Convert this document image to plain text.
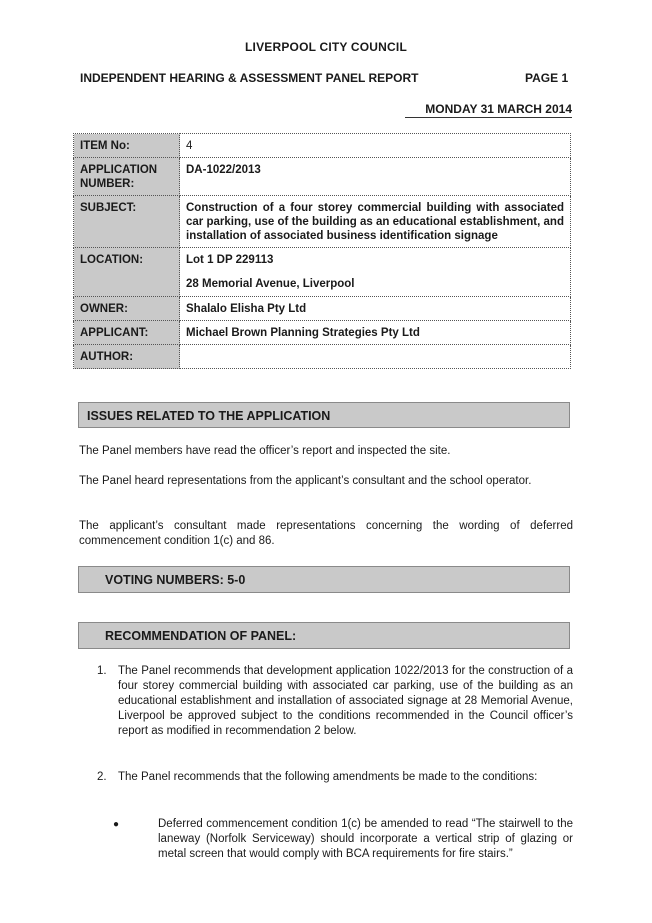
LIVERPOOL CITY COUNCIL
INDEPENDENT HEARING & ASSESSMENT PANEL REPORT	PAGE 1
MONDAY 31 MARCH 2014
ITEM No:	4
APPLICATION NUMBER:	DA-1022/2013
SUBJECT:	Construction of a four storey commercial building with associated car parking, use of the building as an educational establishment, and installation of associated business identification signage
LOCATION:	Lot 1 DP 229113
28 Memorial Avenue, Liverpool

OWNER:	Shalalo Elisha Pty Ltd
APPLICANT:	Michael Brown Planning Strategies Pty Ltd
AUTHOR:	
ISSUES RELATED TO THE APPLICATION
The Panel members have read the officer’s report and inspected the site.
The Panel heard representations from the applicant’s consultant and the school operator.
The applicant’s consultant made representations concerning the wording of deferred commencement condition 1(c) and 86.
VOTING NUMBERS: 5-0
RECOMMENDATION OF PANEL:
1. The Panel recommends that development application 1022/2013 for the construction of a four storey commercial building with associated car parking, use of the building as an educational establishment and installation of associated signage at 28 Memorial Avenue, Liverpool be approved subject to the conditions recommended in the Council officer’s report as modified in recommendation 2 below.
2. The Panel recommends that the following amendments be made to the conditions:
●	Deferred commencement condition 1(c) be amended to read “The stairwell to the laneway (Norfolk Serviceway) should incorporate a vertical strip of glazing or metal screen that would comply with BCA requirements for fire stairs.”
